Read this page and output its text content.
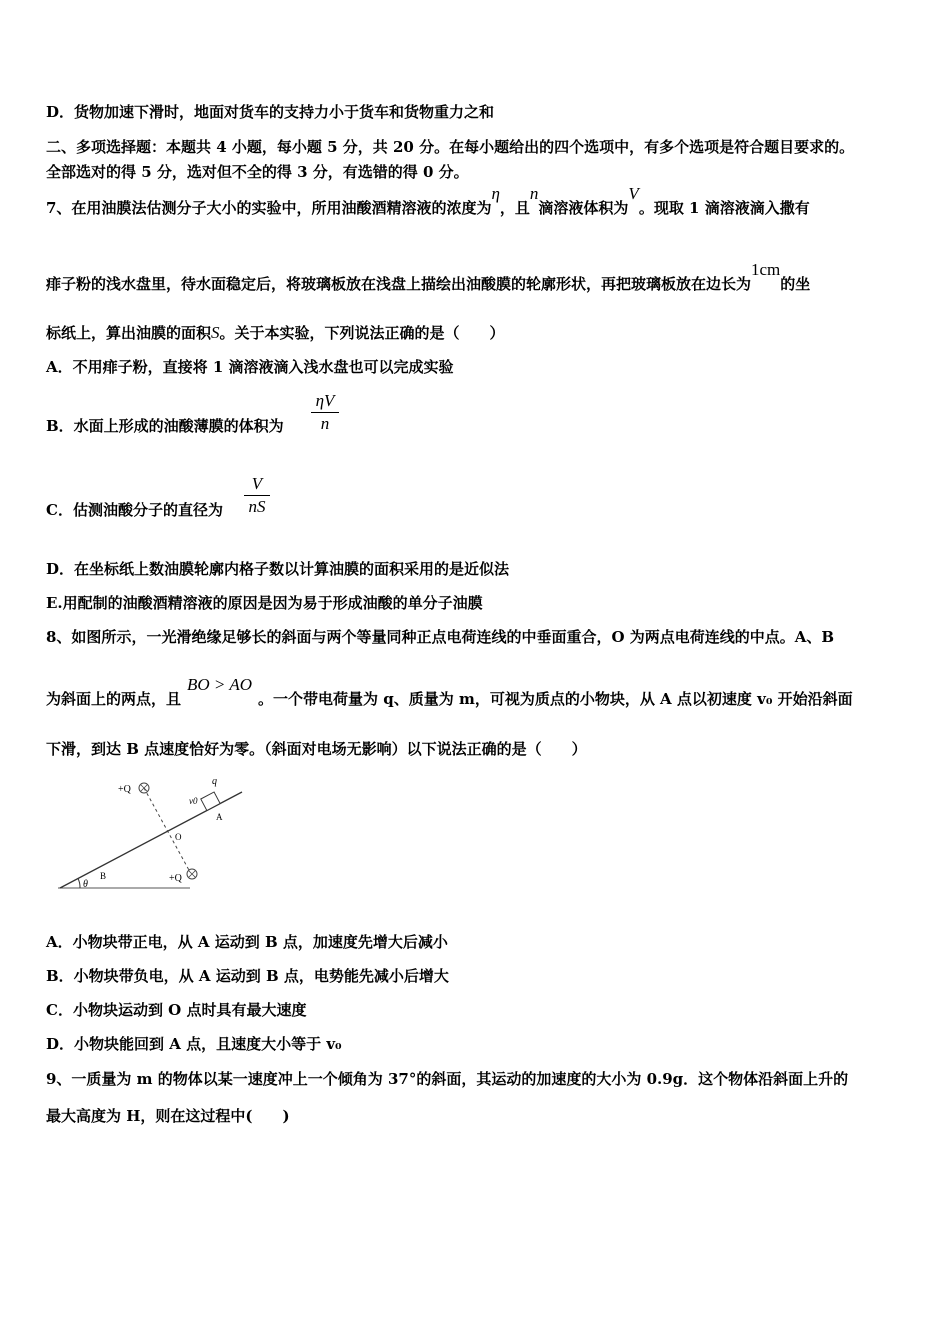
D．货物加速下滑时，地面对货车的支持力小于货车和货物重力之和
二、多项选择题：本题共 4 小题，每小题 5 分，共 20 分。在每小题给出的四个选项中，有多个选项是符合题目要求的。
全部选对的得 5 分，选对但不全的得 3 分，有选错的得 0 分。
7、在用油膜法估测分子大小的实验中，所用油酸酒精溶液的浓度为η，且n滴溶液体积为V。现取 1 滴溶液滴入撒有
痱子粉的浅水盘里，待水面稳定后，将玻璃板放在浅盘上描绘出油酸膜的轮廓形状，再把玻璃板放在边长为1cm的坐
标纸上，算出油膜的面积S。关于本实验，下列说法正确的是（　　）
A．不用痱子粉，直接将 1 滴溶液滴入浅水盘也可以完成实验
B．水面上形成的油酸薄膜的体积为
ηV
n
C．估测油酸分子的直径为
V
nS
D．在坐标纸上数油膜轮廓内格子数以计算油膜的面积采用的是近似法
E.用配制的油酸酒精溶液的原因是因为易于形成油酸的单分子油膜
8、如图所示，一光滑绝缘足够长的斜面与两个等量同种正点电荷连线的中垂面重合，O 为两点电荷连线的中点。A、B
为斜面上的两点，且BO > AO。一个带电荷量为 q、质量为 m，可视为质点的小物块，从 A 点以初速度 v₀ 开始沿斜面
下滑，到达 B 点速度恰好为零。（斜面对电场无影响）以下说法正确的是（　　）
θ
+Q
+Q
q
v0
A
O
B
A．小物块带正电，从 A 运动到 B 点，加速度先增大后减小
B．小物块带负电，从 A 运动到 B 点，电势能先减小后增大
C．小物块运动到 O 点时具有最大速度
D．小物块能回到 A 点，且速度大小等于 v₀
9、一质量为 m 的物体以某一速度冲上一个倾角为 37°的斜面，其运动的加速度的大小为 0.9g．这个物体沿斜面上升的
最大高度为 H，则在这过程中(　　)
